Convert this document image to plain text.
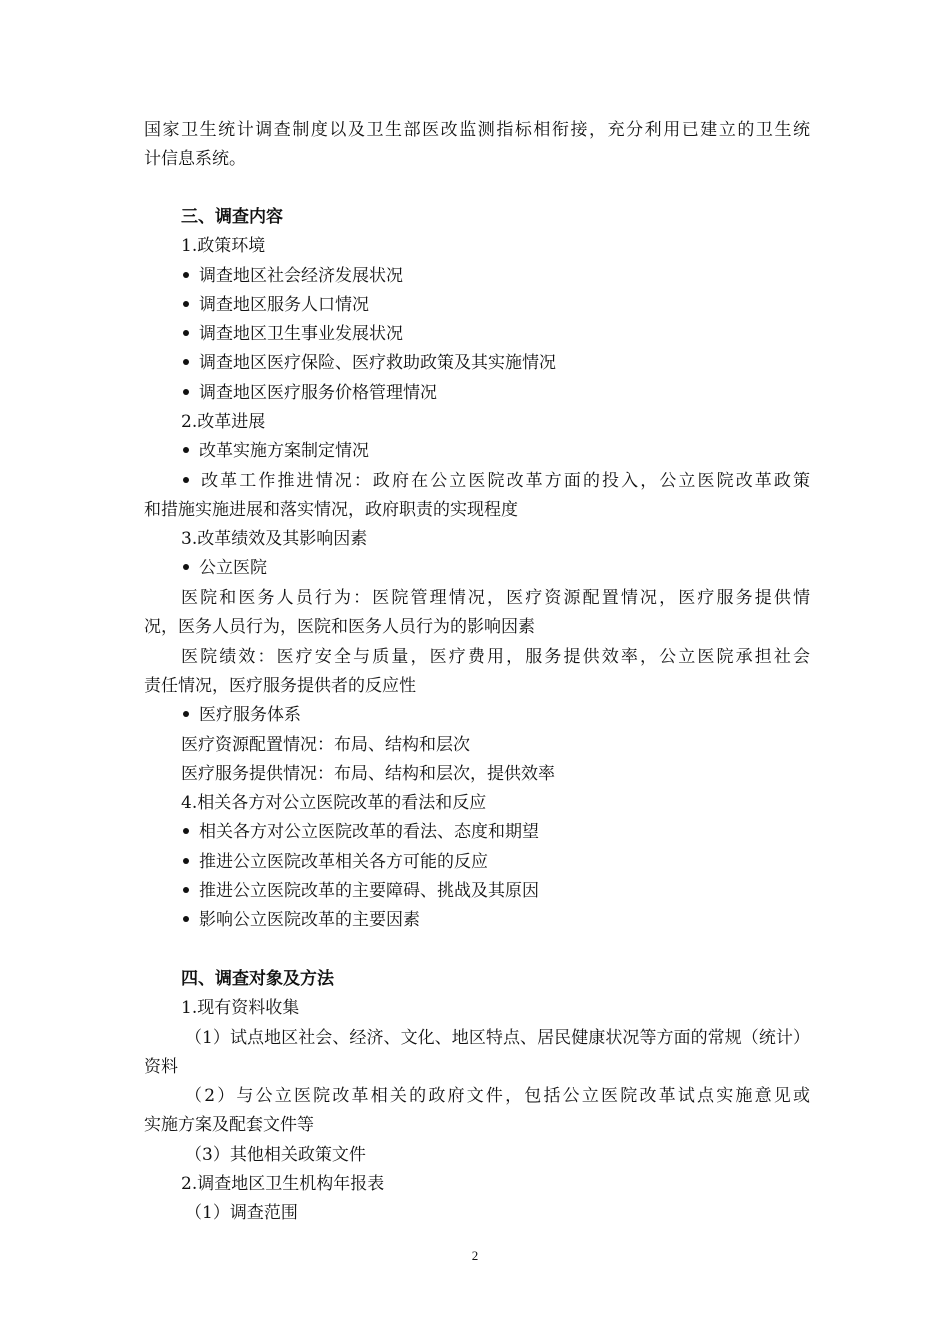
国家卫生统计调查制度以及卫生部医改监测指标相衔接，充分利用已建立的卫生统
计信息系统。
三、调查内容
1.政策环境
调查地区社会经济发展状况
调查地区服务人口情况
调查地区卫生事业发展状况
调查地区医疗保险、医疗救助政策及其实施情况
调查地区医疗服务价格管理情况
2.改革进展
改革实施方案制定情况
改革工作推进情况：政府在公立医院改革方面的投入，公立医院改革政策
和措施实施进展和落实情况，政府职责的实现程度
3.改革绩效及其影响因素
公立医院
医院和医务人员行为：医院管理情况，医疗资源配置情况，医疗服务提供情
况，医务人员行为，医院和医务人员行为的影响因素
医院绩效：医疗安全与质量，医疗费用，服务提供效率，公立医院承担社会
责任情况，医疗服务提供者的反应性
医疗服务体系
医疗资源配置情况：布局、结构和层次
医疗服务提供情况：布局、结构和层次，提供效率
4.相关各方对公立医院改革的看法和反应
相关各方对公立医院改革的看法、态度和期望
推进公立医院改革相关各方可能的反应
推进公立医院改革的主要障碍、挑战及其原因
影响公立医院改革的主要因素
四、调查对象及方法
1.现有资料收集
（1）试点地区社会、经济、文化、地区特点、居民健康状况等方面的常规（统计）
资料
（2）与公立医院改革相关的政府文件，包括公立医院改革试点实施意见或
实施方案及配套文件等
（3）其他相关政策文件
2.调查地区卫生机构年报表
（1）调查范围
2
